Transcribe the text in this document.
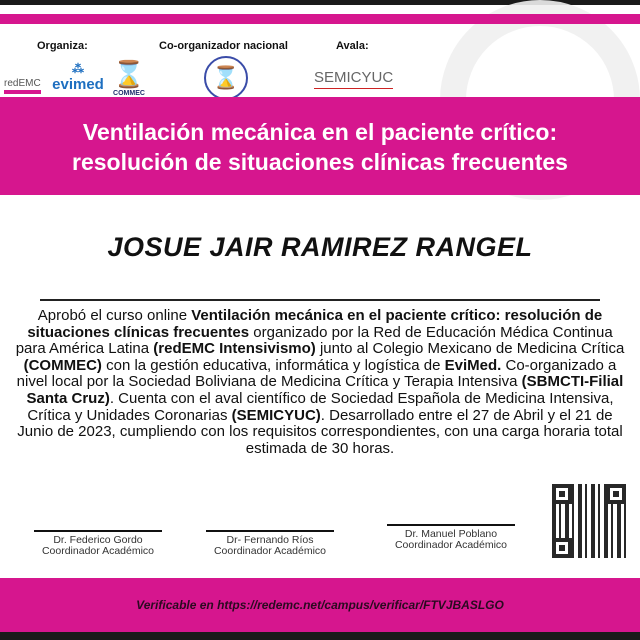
Organiza:	Co-organizador nacional	Avala:
redEMC
⁂
evimed ⌛
COMMEC
⌛	SEMICYUC
Ventilación mecánica en el paciente crítico:
resolución de situaciones clínicas frecuentes
JOSUE JAIR RAMIREZ RANGEL
Aprobó el curso online Ventilación mecánica en el paciente crítico: resolución de situaciones clínicas frecuentes organizado por la Red de Educación Médica Continua para América Latina (redEMC Intensivismo) junto al Colegio Mexicano de Medicina Crítica (COMMEC) con la gestión educativa, informática y logística de EviMed. Co-organizado a nivel local por la Sociedad Boliviana de Medicina Crítica y Terapia Intensiva (SBMCTI-Filial Santa Cruz). Cuenta con el aval científico de Sociedad Española de Medicina Intensiva, Crítica y Unidades Coronarias (SEMICYUC). Desarrollado entre el 27 de Abril y el 21 de Junio de 2023, cumpliendo con los requisitos correspondientes, con una carga horaria total estimada de 30 horas.
Dr. Federico Gordo
Coordinador Académico
Dr- Fernando Ríos
Coordinador Académico
Dr. Manuel Poblano
Coordinador Académico
Verificable en https://redemc.net/campus/verificar/FTVJBASLGO
